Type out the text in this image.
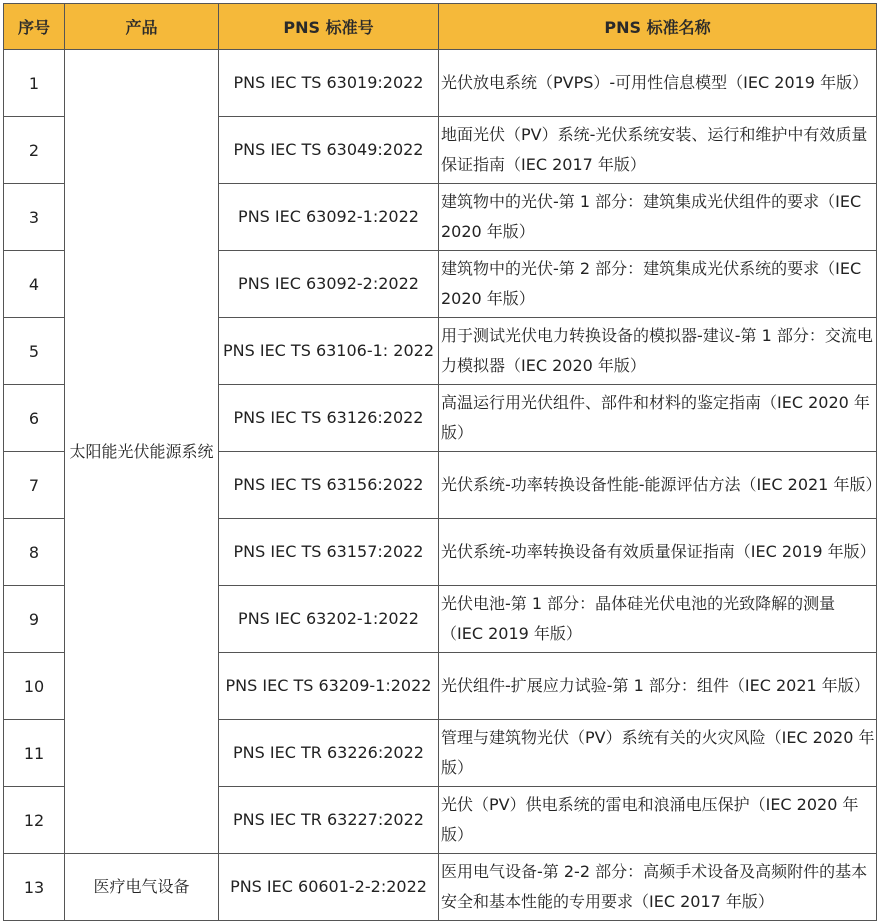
序号	产品	PNS 标准号	PNS 标准名称
1	太阳能光伏能源系统	PNS IEC TS 63019:2022	光伏放电系统（PVPS）-可用性信息模型（IEC 2019 年版）
2		PNS IEC TS 63049:2022	地面光伏（PV）系统-光伏系统安装、运行和维护中有效质量保证指南（IEC 2017 年版）
3		PNS IEC 63092-1:2022	建筑物中的光伏-第 1 部分：建筑集成光伏组件的要求（IEC 2020 年版）
4		PNS IEC 63092-2:2022	建筑物中的光伏-第 2 部分：建筑集成光伏系统的要求（IEC 2020 年版）
5		PNS IEC TS 63106-1: 2022	用于测试光伏电力转换设备的模拟器-建议-第 1 部分：交流电力模拟器（IEC 2020 年版）
6		PNS IEC TS 63126:2022	高温运行用光伏组件、部件和材料的鉴定指南（IEC 2020 年版）
7		PNS IEC TS 63156:2022	光伏系统-功率转换设备性能-能源评估方法（IEC 2021 年版）
8		PNS IEC TS 63157:2022	光伏系统-功率转换设备有效质量保证指南（IEC 2019 年版）
9		PNS IEC 63202-1:2022	光伏电池-第 1 部分：晶体硅光伏电池的光致降解的测量（IEC 2019 年版）
10		PNS IEC TS 63209-1:2022	光伏组件-扩展应力试验-第 1 部分：组件（IEC 2021 年版）
11		PNS IEC TR 63226:2022	管理与建筑物光伏（PV）系统有关的火灾风险（IEC 2020 年版）
12		PNS IEC TR 63227:2022	光伏（PV）供电系统的雷电和浪涌电压保护（IEC 2020 年版）
13	医疗电气设备	PNS IEC 60601-2-2:2022	医用电气设备-第 2-2 部分：高频手术设备及高频附件的基本安全和基本性能的专用要求（IEC 2017 年版）
